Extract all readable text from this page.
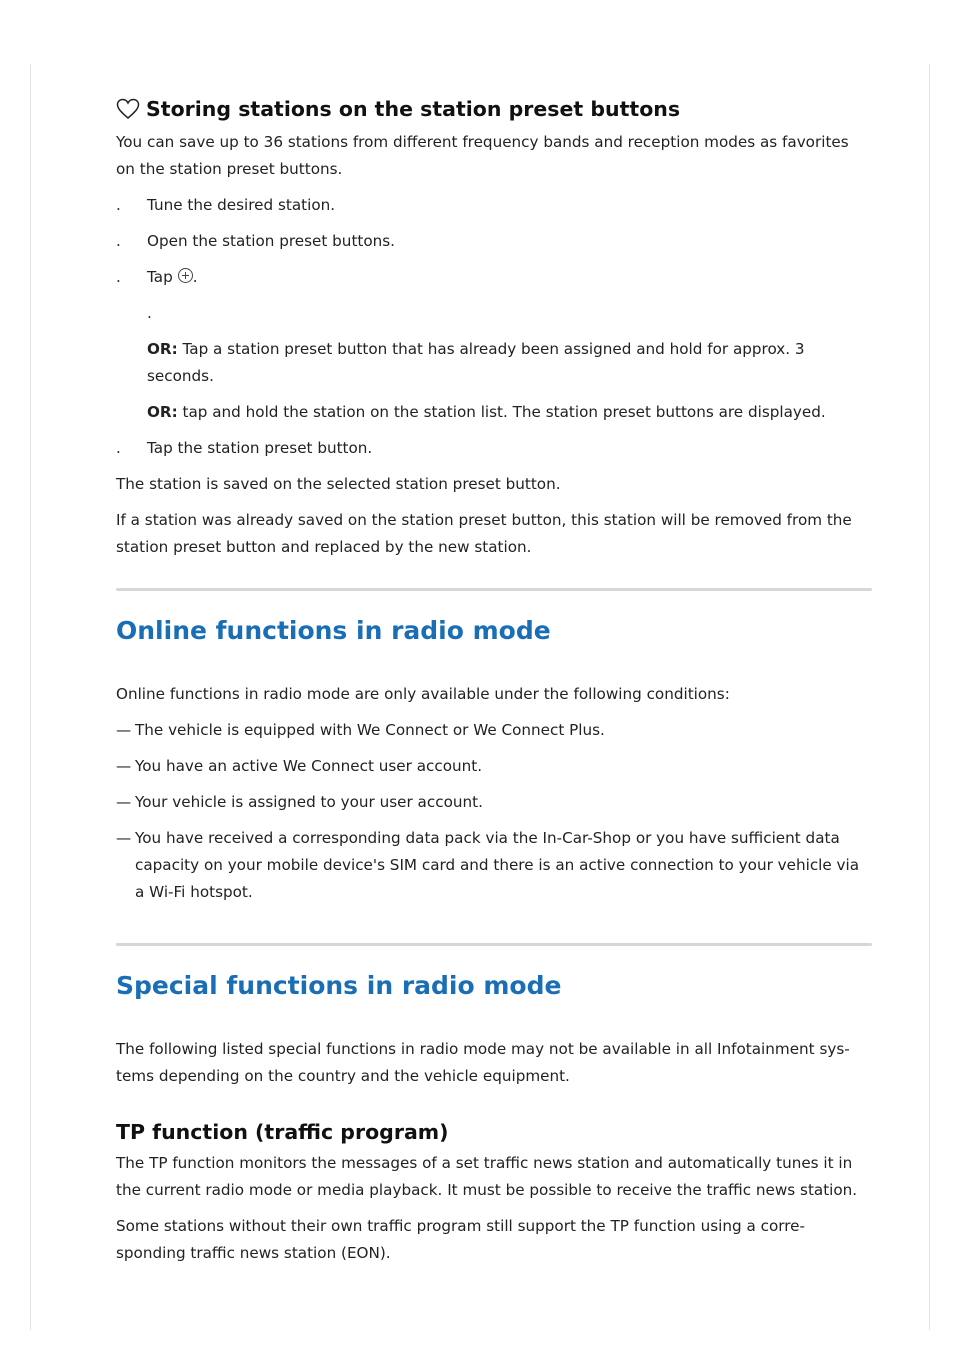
Storing stations on the station preset buttons

You can save up to 36 stations from different frequency bands and reception modes as favorites on the station preset buttons.

.	Tune the desired station.
.	Open the station preset buttons.
.	Tap .
.

OR: Tap a station preset button that has already been assigned and hold for approx. 3 seconds.

OR: tap and hold the station on the station list. The station preset buttons are displayed.

.	Tap the station preset button.

The station is saved on the selected station preset button.

If a station was already saved on the station preset button, this station will be removed from the station preset button and replaced by the new station.

Online functions in radio mode

Online functions in radio mode are only available under the following conditions:

— The vehicle is equipped with We Connect or We Connect Plus.
— You have an active We Connect user account.
— Your vehicle is assigned to your user account.
— You have received a corresponding data pack via the In-Car-Shop or you have sufficient data capacity on your mobile device's SIM card and there is an active connection to your vehicle via a Wi-Fi hotspot.
Special functions in radio mode

The following listed special functions in radio mode may not be available in all Infotainment sys- tems depending on the country and the vehicle equipment.

TP function (traffic program)

The TP function monitors the messages of a set traffic news station and automatically tunes it in the current radio mode or media playback. It must be possible to receive the traffic news station.

Some stations without their own traffic program still support the TP function using a corre- sponding traffic news station (EON).
